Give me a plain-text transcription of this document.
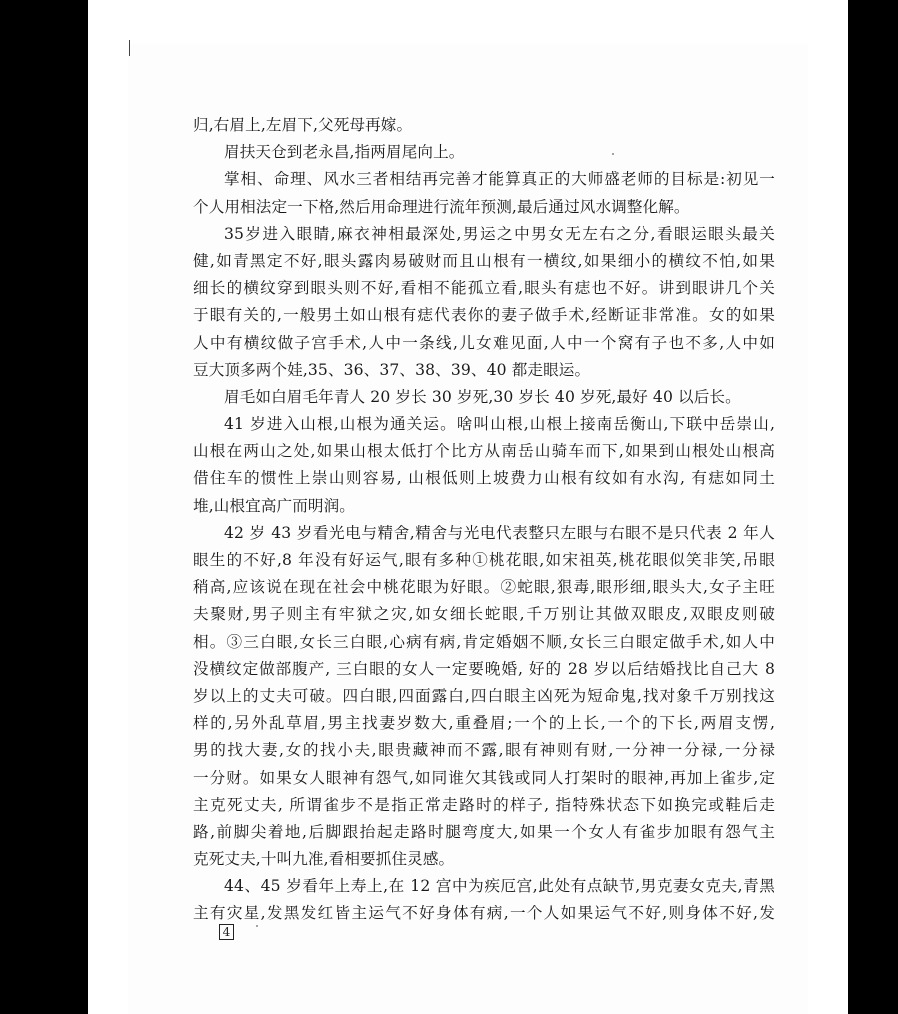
归,右眉上,左眉下,父死母再嫁。
眉扶天仓到老永昌,指两眉尾向上。
掌相、命理、风水三者相结再完善才能算真正的大师盛老师的目标是:初见一
个人用相法定一下格,然后用命理进行流年预测,最后通过风水调整化解。
35岁进入眼睛,麻衣神相最深处,男运之中男女无左右之分,看眼运眼头最关
健,如青黑定不好,眼头露肉易破财而且山根有一横纹,如果细小的横纹不怕,如果
细长的横纹穿到眼头则不好,看相不能孤立看,眼头有痣也不好。讲到眼讲几个关
于眼有关的,一般男土如山根有痣代表你的妻子做手术,经断证非常准。女的如果
人中有横纹做子宫手术,人中一条线,儿女难见面,人中一个窝有子也不多,人中如
豆大顶多两个娃,35、36、37、38、39、40 都走眼运。
眉毛如白眉毛年青人 20 岁长 30 岁死,30 岁长 40 岁死,最好 40 以后长。
41 岁进入山根,山根为通关运。啥叫山根,山根上接南岳衡山,下联中岳崇山,
山根在两山之处,如果山根太低打个比方从南岳山骑车而下,如果到山根处山根高
借住车的惯性上崇山则容易, 山根低则上坡费力山根有纹如有水沟, 有痣如同土
堆,山根宜高广而明润。
42 岁 43 岁看光电与精舍,精舍与光电代表整只左眼与右眼不是只代表 2 年人
眼生的不好,8 年没有好运气,眼有多种①桃花眼,如宋祖英,桃花眼似笑非笑,吊眼
稍高,应该说在现在社会中桃花眼为好眼。②蛇眼,狠毒,眼形细,眼头大,女子主旺
夫聚财,男子则主有牢狱之灾,如女细长蛇眼,千万别让其做双眼皮,双眼皮则破
相。③三白眼,女长三白眼,心病有病,肯定婚姻不顺,女长三白眼定做手术,如人中
没横纹定做部腹产, 三白眼的女人一定要晚婚, 好的 28 岁以后结婚找比自己大 8
岁以上的丈夫可破。四白眼,四面露白,四白眼主凶死为短命鬼,找对象千万别找这
样的,另外乱草眉,男主找妻岁数大,重叠眉;一个的上长,一个的下长,两眉支愣,
男的找大妻,女的找小夫,眼贵藏神而不露,眼有神则有财,一分神一分禄,一分禄
一分财。如果女人眼神有怨气,如同谁欠其钱或同人打架时的眼神,再加上雀步,定
主克死丈夫, 所谓雀步不是指正常走路时的样子, 指特殊状态下如换完或鞋后走
路,前脚尖着地,后脚跟抬起走路时腿弯度大,如果一个女人有雀步加眼有怨气主
克死丈夫,十叫九准,看相要抓住灵感。
44、45 岁看年上寿上,在 12 宫中为疾厄宫,此处有点缺节,男克妻女克夫,青黑
主有灾星,发黑发红皆主运气不好身体有病,一个人如果运气不好,则身体不好,发
4
